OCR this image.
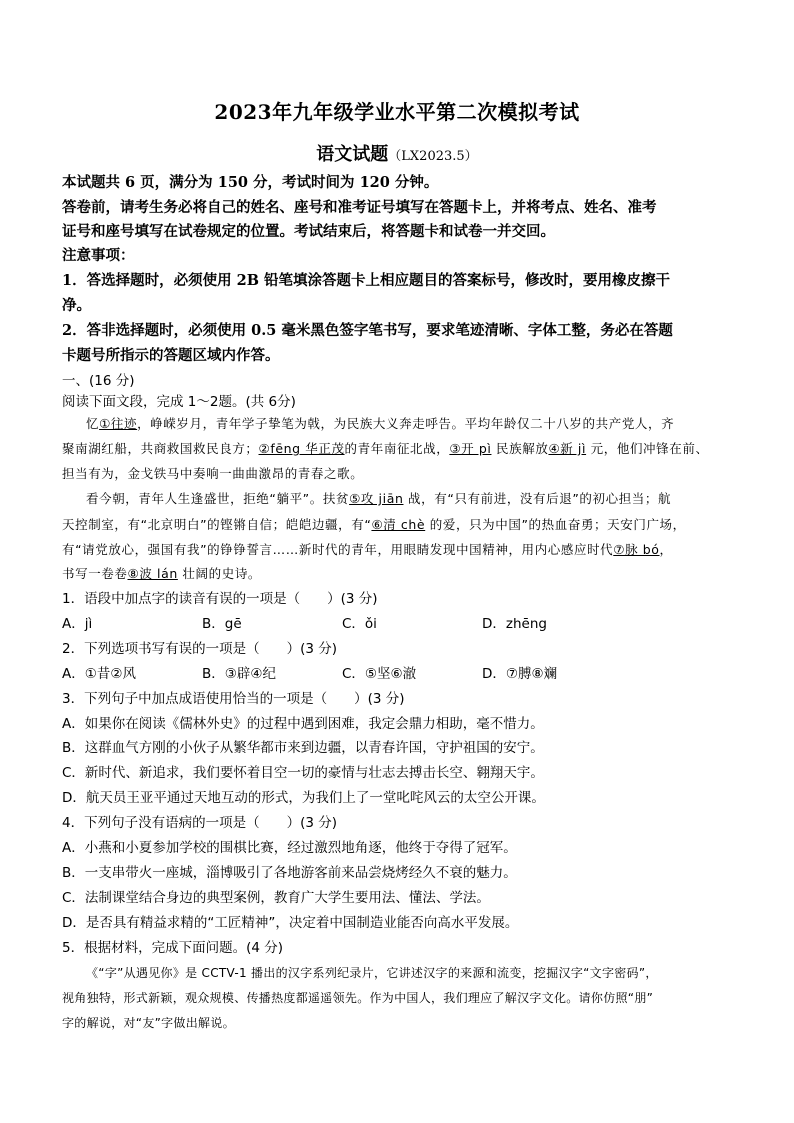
2023年九年级学业水平第二次模拟考试
语文试题（LX2023.5）
本试题共 6 页，满分为 150 分，考试时间为 120 分钟。
答卷前，请考生务必将自己的姓名、座号和准考证号填写在答题卡上，并将考点、姓名、准考
证号和座号填写在试卷规定的位置。考试结束后，将答题卡和试卷一并交回。
注意事项：
1．答选择题时，必须使用 2B 铅笔填涂答题卡上相应题目的答案标号，修改时，要用橡皮擦干
净。
2．答非选择题时，必须使用 0.5 毫米黑色签字笔书写，要求笔迹清晰、字体工整，务必在答题
卡题号所指示的答题区域内作答。
一、(16 分)
阅读下面文段，完成 1～2题。(共 6分)
忆①往迹，峥嵘岁月，青年学子挚笔为戟，为民族大义奔走呼告。平均年龄仅二十八岁的共产党人，齐
聚南湖红船，共商救国救民良方；②fēng 华正茂的青年南征北战，③开 pì 民族解放④新 jì 元，他们冲锋在前、
担当有为，金戈铁马中奏响一曲曲激昂的青春之歌。
看今朝，青年人生逢盛世，拒绝“躺平”。扶贫⑤攻 jiān 战，有“只有前进，没有后退”的初心担当；航
天控制室，有“北京明白”的铿锵自信；皑皑边疆，有“⑥清 chè 的爱，只为中国”的热血奋勇；天安门广场，
有“请党放心，强国有我”的铮铮誓言……新时代的青年，用眼睛发现中国精神，用内心感应时代⑦脉 bó，
书写一卷卷⑧波 lán 壮阔的史诗。
1．语段中加点字的读音有误的一项是（　　）(3 分)
A．jì	B．gē	C．ǒi	D．zhēng
2．下列选项书写有误的一项是（　　）(3 分)
A．①昔②风	B．③辟④纪	C．⑤坚⑥澈	D．⑦膊⑧斓
3．下列句子中加点成语使用恰当的一项是（　　）(3 分)
A．如果你在阅读《儒林外史》的过程中遇到困难，我定会鼎力相助，毫不惜力。
B．这群血气方刚的小伙子从繁华都市来到边疆，以青春许国，守护祖国的安宁。
C．新时代、新追求，我们要怀着目空一切的豪情与壮志去搏击长空、翱翔天宇。
D．航天员王亚平通过天地互动的形式，为我们上了一堂叱咤风云的太空公开课。
4．下列句子没有语病的一项是（　　）(3 分)
A．小燕和小夏参加学校的围棋比赛，经过激烈地角逐，他终于夺得了冠军。
B．一支串带火一座城，淄博吸引了各地游客前来品尝烧烤经久不衰的魅力。
C．法制课堂结合身边的典型案例，教育广大学生要用法、懂法、学法。
D．是否具有精益求精的“工匠精神”，决定着中国制造业能否向高水平发展。
5．根据材料，完成下面问题。(4 分)
《“字”从遇见你》是 CCTV-1 播出的汉字系列纪录片，它讲述汉字的来源和流变，挖掘汉字“文字密码”，
视角独特，形式新颖，观众规模、传播热度都遥遥领先。作为中国人，我们理应了解汉字文化。请你仿照“朋”
字的解说，对“友”字做出解说。
